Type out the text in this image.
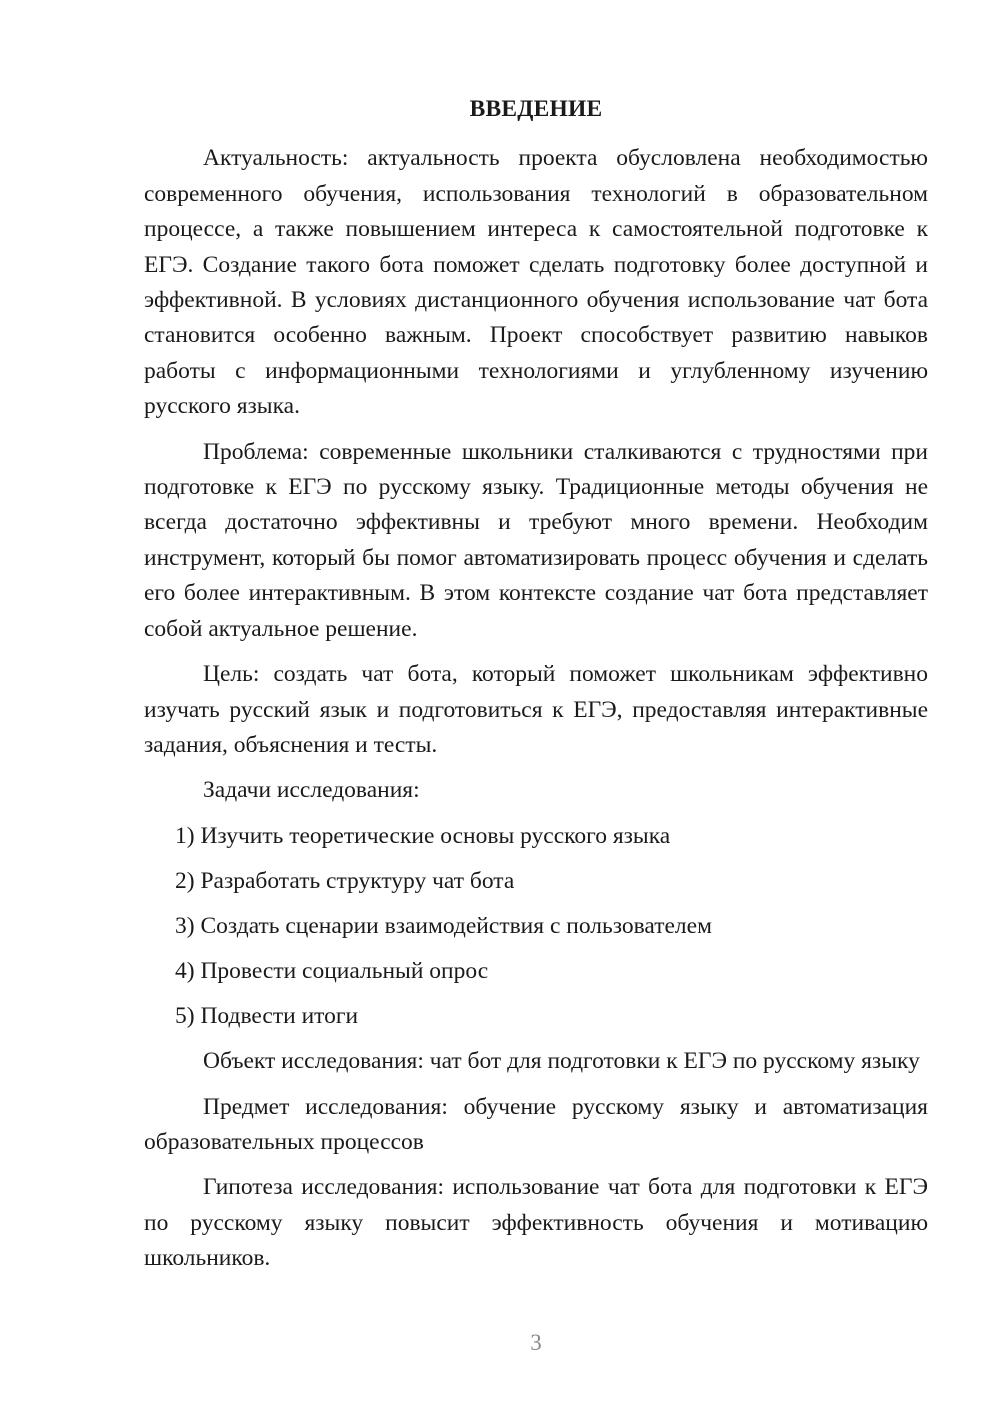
ВВЕДЕНИЕ

Актуальность: актуальность проекта обусловлена необходимостью современного обучения, использования технологий в образовательном процессе, а также повышением интереса к самостоятельной подготовке к ЕГЭ. Создание такого бота поможет сделать подготовку более доступной и эффективной. В условиях дистанционного обучения использование чат бота становится особенно важным. Проект способствует развитию навыков работы с информационными технологиями и углубленному изучению русского языка.

Проблема: современные школьники сталкиваются с трудностями при подготовке к ЕГЭ по русскому языку. Традиционные методы обучения не всегда достаточно эффективны и требуют много времени. Необходим инструмент, который бы помог автоматизировать процесс обучения и сделать его более интерактивным. В этом контексте создание чат бота представляет собой актуальное решение.

Цель: создать чат бота, который поможет школьникам эффективно изучать русский язык и подготовиться к ЕГЭ, предоставляя интерактивные задания, объяснения и тесты.

Задачи исследования:

1) Изучить теоретические основы русского языка
2) Разработать структуру чат бота
3) Создать сценарии взаимодействия с пользователем
4) Провести социальный опрос
5) Подвести итоги

Объект исследования: чат бот для подготовки к ЕГЭ по русскому языку

Предмет исследования: обучение русскому языку и автоматизация образовательных процессов

Гипотеза исследования: использование чат бота для подготовки к ЕГЭ по русскому языку повысит эффективность обучения и мотивацию школьников.

3
